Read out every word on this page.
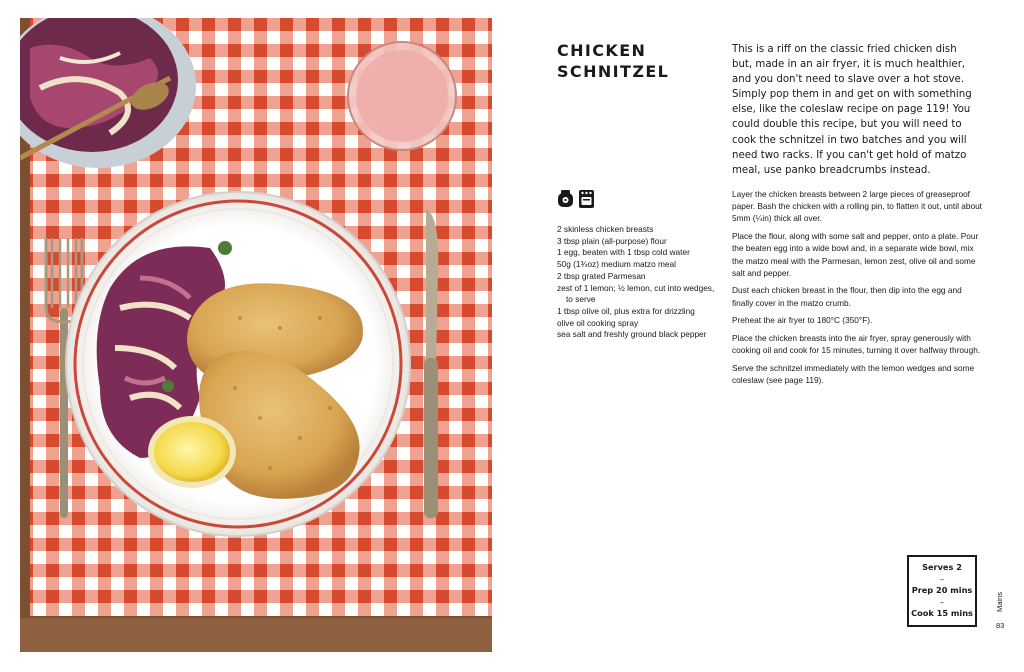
CHICKEN
SCHNITZEL

This is a riff on the classic fried chicken dish but, made in an air fryer, it is much healthier, and you don't need to slave over a hot stove. Simply pop them in and get on with something else, like the coleslaw recipe on page 119! You could double this recipe, but you will need to cook the schnitzel in two batches and you will need two racks. If you can't get hold of matzo meal, use panko breadcrumbs instead.

2 skinless chicken breasts
3 tbsp plain (all-purpose) flour
1 egg, beaten with 1 tbsp cold water
50g (1¾oz) medium matzo meal
2 tbsp grated Parmesan
zest of 1 lemon; ½ lemon, cut into wedges, to serve
1 tbsp olive oil, plus extra for drizzling
olive oil cooking spray
sea salt and freshly ground black pepper

Layer the chicken breasts between 2 large pieces of greaseproof paper. Bash the chicken with a rolling pin, to flatten it out, until about 5mm (¼in) thick all over.

Place the flour, along with some salt and pepper, onto a plate. Pour the beaten egg into a wide bowl and, in a separate wide bowl, mix the matzo meal with the Parmesan, lemon zest, olive oil and some salt and pepper.

Dust each chicken breast in the flour, then dip into the egg and finally cover in the matzo crumb.

Preheat the air fryer to 180°C (350°F).

Place the chicken breasts into the air fryer, spray generously with cooking oil and cook for 15 minutes, turning it over halfway through.

Serve the schnitzel immediately with the lemon wedges and some coleslaw (see page 119).

Serves 2
–
Prep 20 mins
–
Cook 15 mins
Mains
83
